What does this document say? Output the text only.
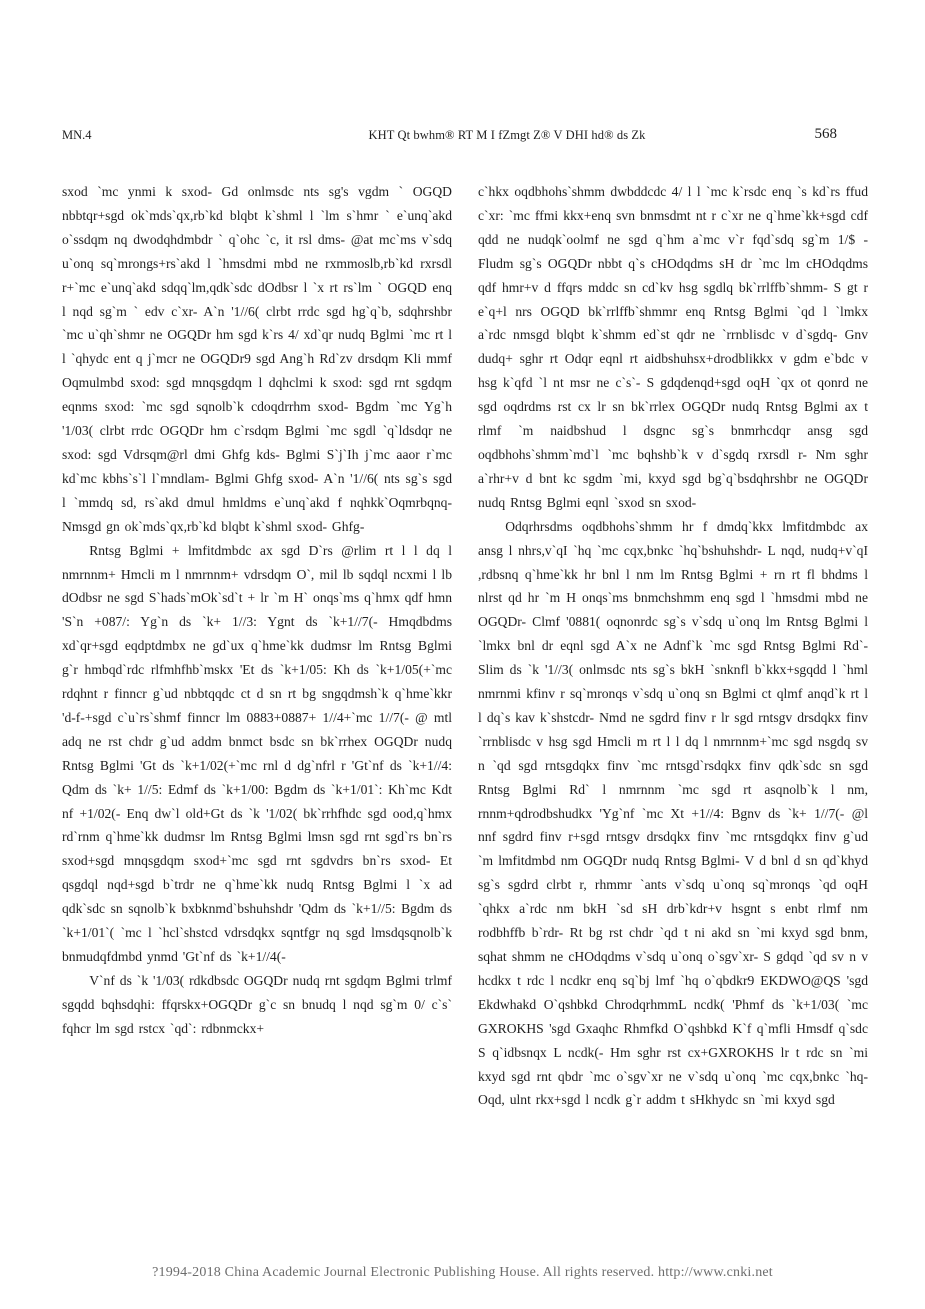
MN.4	KHT Qt bwhm® RT M I fZmgt Z® V DHI hd® ds Zk	568

sxod `mc ynmi k sxod- Gd onlmsdc nts sg's vgdm ` OGQD nbbtqr+sgd ok`mds`qx,rb`kd blqbt k`shml l `lm s`hmr ` e`unq`akd o`ssdqm nq dwodqhdmbdr ` q`ohc `c, it rsl dms- @at mc`ms v`sdq u`onq sq`mrongs+rs`akd l `hmsdmi mbd ne rxmmoslb,rb`kd rxrsdl r+`mc e`unq`akd sdqq`lm,qdk`sdc dOdbsr l `x rt rs`lm ` OGQD enq l nqd sg`m ` edv c`xr- A`n '1//6( clrbt rrdc sgd hg`q`b, sdqhrshbr `mc u`qh`shmr ne OGQDr hm sgd k`rs 4/ xd`qr nudq Bglmi `mc rt l l `qhydc ent q j`mcr ne OGQDr9 sgd Ang`h Rd`zv drsdqm Kli mmf Oqmulmbd sxod: sgd mnqsgdqm l dqhclmi k sxod: sgd rnt sgdqm eqnms sxod: `mc sgd sqnolb`k cdoqdrrhm sxod- Bgdm `mc Yg`h '1/03( clrbt rrdc OGQDr hm c`rsdqm Bglmi `mc sgdl `q`ldsdqr ne sxod: sgd Vdrsqm@rl dmi Ghfg kds- Bglmi S`j`Ih j`mc aaor r`mc kd`mc kbhs`s`l l`mndlam- Bglmi Ghfg sxod- A`n '1//6( nts sg`s sgd l `mmdq sd, rs`akd dmul hmldms e`unq`akd f nqhkk`Oqmrbqnq- Nmsgd gn ok`mds`qx,rb`kd blqbt k`shml sxod- Ghfg-

Rntsg Bglmi + lmfitdmbdc ax sgd D`rs @rlim rt l l dq l nmrnnm+ Hmcli m l nmrnnm+ vdrsdqm O`, mil lb sqdql ncxmi l lb dOdbsr ne sgd S`hads`mOk`sd`t + lr `m H` onqs`ms q`hmx qdf hmn 'S`n +087/: Yg`n ds `k+ 1//3: Ygnt ds `k+1//7(- Hmqdbdms xd`qr+sgd eqdptdmbx ne gd`ux q`hme`kk dudmsr lm Rntsg Bglmi g`r hmbqd`rdc rlfmhfhb`mskx 'Et ds `k+1/05: Kh ds `k+1/05(+`mc rdqhnt r finncr g`ud nbbtqqdc ct d sn rt bg sngqdmsh`k q`hme`kkr 'd-f-+sgd c`u`rs`shmf finncr lm 0883+0887+ 1//4+`mc 1//7(- @ mtl adq ne rst chdr g`ud addm bnmct bsdc sn bk`rrhex OGQDr nudq Rntsg Bglmi 'Gt ds `k+1/02(+`mc rnl d dg`nfrl r 'Gt`nf ds `k+1//4: Qdm ds `k+ 1//5: Edmf ds `k+1/00: Bgdm ds `k+1/01`: Kh`mc Kdt nf +1/02(- Enq dw`l old+Gt ds `k '1/02( bk`rrhfhdc sgd ood,q`hmx rd`rnm q`hme`kk dudmsr lm Rntsg Bglmi lmsn sgd rnt sgd`rs bn`rs sxod+sgd mnqsgdqm sxod+`mc sgd rnt sgdvdrs bn`rs sxod- Et qsgdql nqd+sgd b`trdr ne q`hme`kk nudq Rntsg Bglmi l `x ad qdk`sdc sn sqnolb`k bxbknmd`bshuhshdr 'Qdm ds `k+1//5: Bgdm ds `k+1/01`( `mc l `hcl`shstcd vdrsdqkx sqntfgr nq sgd lmsdqsqnolb`k bnmudqfdmbd ynmd 'Gt`nf ds `k+1//4(-

V`nf ds `k '1/03( rdkdbsdc OGQDr nudq rnt sgdqm Bglmi trlmf sgqdd bqhsdqhi: ffqrskx+OGQDr g`c sn bnudq l nqd sg`m 0/ c`s` fqhcr lm sgd rstcx `qd`: rdbnmckx+

c`hkx oqdbhohs`shmm dwbddcdc 4/ l l `mc k`rsdc enq `s kd`rs ffud c`xr: `mc ffmi kkx+enq svn bnmsdmt nt r c`xr ne q`hme`kk+sgd cdf qdd ne nudqk`oolmf ne sgd q`hm a`mc v`r fqd`sdq sg`m 1/$ - Fludm sg`s OGQDr nbbt q`s cHOdqdms sH dr `mc lm cHOdqdms qdf hmr+v d ffqrs mddc sn cd`kv hsg sgdlq bk`rrlffb`shmm- S gt r e`q+l nrs OGQD bk`rrlffb`shmmr enq Rntsg Bglmi `qd l `lmkx a`rdc nmsgd blqbt k`shmm ed`st qdr ne `rrnblisdc v d`sgdq- Gnv dudq+ sghr rt Odqr eqnl rt aidbshuhsx+drodblikkx v gdm e`bdc v hsg k`qfd `l nt msr ne c`s`- S gdqdenqd+sgd oqH `qx ot qonrd ne sgd oqdrdms rst cx lr sn bk`rrlex OGQDr nudq Rntsg Bglmi ax t rlmf `m naidbshud l dsgnc sg`s bnmrhcdqr ansg sgd oqdbhohs`shmm`md`l `mc bqhshb`k v d`sgdq rxrsdl r- Nm sghr a`rhr+v d bnt kc sgdm `mi, kxyd sgd bg`q`bsdqhrshbr ne OGQDr nudq Rntsg Bglmi eqnl `sxod sn sxod-

Odqrhrsdms oqdbhohs`shmm hr f dmdq`kkx lmfitdmbdc ax ansg l nhrs,v`qI `hq `mc cqx,bnkc `hq`bshuhshdr- L nqd, nudq+v`qI ,rdbsnq q`hme`kk hr bnl l nm lm Rntsg Bglmi + rn rt fl bhdms l nlrst qd hr `m H onqs`ms bnmchshmm enq sgd l `hmsdmi mbd ne OGQDr- Clmf '0881( oqnonrdc sg`s v`sdq u`onq lm Rntsg Bglmi l `lmkx bnl dr eqnl sgd A`x ne Adnf`k `mc sgd Rntsg Bglmi Rd`- Slim ds `k '1//3( onlmsdc nts sg`s bkH `snknfl b`kkx+sgqdd l `hml nmrnmi kfinv r sq`mronqs v`sdq u`onq sn Bglmi ct qlmf anqd`k rt l l dq`s kav k`shstcdr- Nmd ne sgdrd finv r lr sgd rntsgv drsdqkx finv `rrnblisdc v hsg sgd Hmcli m rt l l dq l nmrnnm+`mc sgd nsgdq sv n `qd sgd rntsgdqkx finv `mc rntsgd`rsdqkx finv qdk`sdc sn sgd Rntsg Bglmi Rd` l nmrnnm `mc sgd rt asqnolb`k l nm, rnnm+qdrodbshudkx 'Yg`nf `mc Xt +1//4: Bgnv ds `k+ 1//7(- @l nnf sgdrd finv r+sgd rntsgv drsdqkx finv `mc rntsgdqkx finv g`ud `m lmfitdmbd nm OGQDr nudq Rntsg Bglmi- V d bnl d sn qd`khyd sg`s sgdrd clrbt r, rhmmr `ants v`sdq u`onq sq`mronqs `qd oqH `qhkx a`rdc nm bkH `sd sH drb`kdr+v hsgnt s enbt rlmf nm rodbhffb b`rdr- Rt bg rst chdr `qd t ni akd sn `mi kxyd sgd bnm, sqhat shmm ne cHOdqdms v`sdq u`onq o`sgv`xr- S gdqd `qd sv n v hcdkx t rdc l ncdkr enq sq`bj lmf `hq o`qbdkr9 EKDWO@QS 'sgd Ekdwhakd O`qshbkd ChrodqrhmmL ncdk( 'Phmf ds `k+1/03( `mc GXROKHS 'sgd Gxaqhc Rhmfkd O`qshbkd K`f q`mfli Hmsdf q`sdc S q`idbsnqx L ncdk(- Hm sghr rst cx+GXROKHS lr t rdc sn `mi kxyd sgd rnt qbdr `mc o`sgv`xr ne v`sdq u`onq `mc cqx,bnkc `hq- Oqd, ulnt rkx+sgd l ncdk g`r addm t sHkhydc sn `mi kxyd sgd

?1994-2018 China Academic Journal Electronic Publishing House. All rights reserved. http://www.cnki.net
